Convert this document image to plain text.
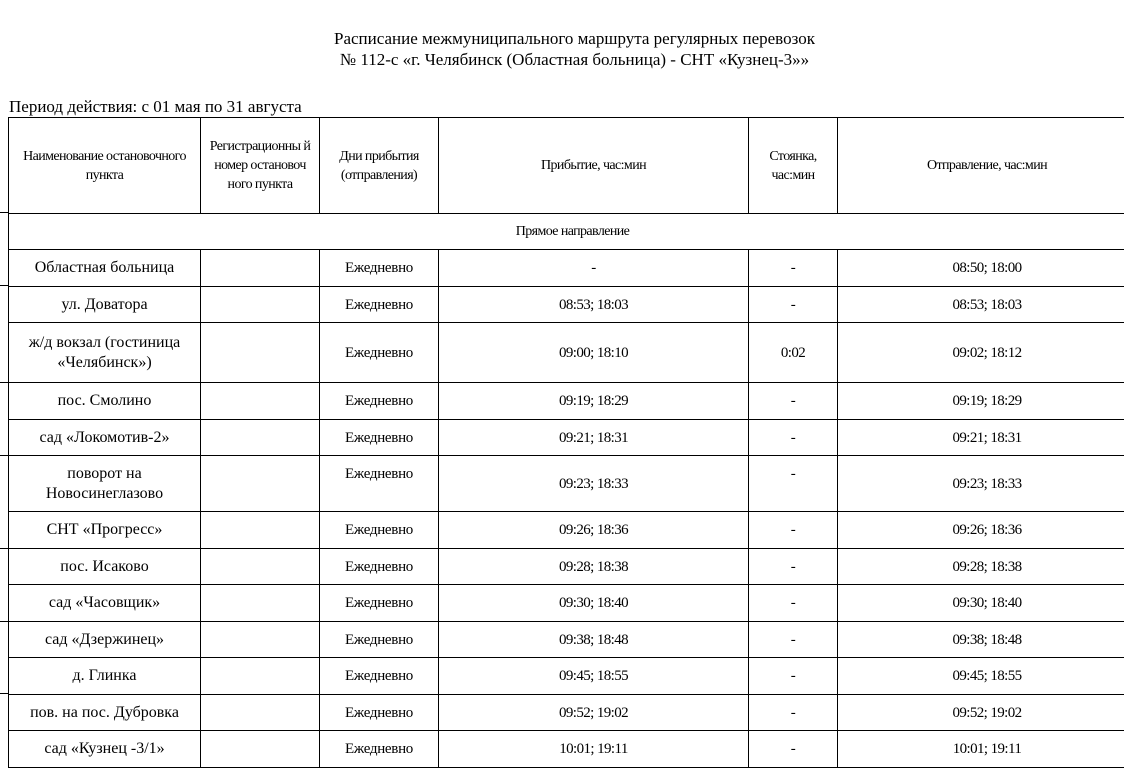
Расписание межмуниципального маршрута регулярных перевозок
№ 112-с «г. Челябинск (Областная больница) - СНТ «Кузнец-3»»
Период действия: с 01 мая по 31 августа
Наименование остановочного пункта	Регистрационны й номер остановоч ного пункта	Дни прибытия (отправления)	Прибытие, час:мин	Стоянка, час:мин	Отправление, час:мин
Прямое направление					
Областная больница		Ежедневно	-	-	08:50; 18:00
ул. Доватора		Ежедневно	08:53; 18:03	-	08:53; 18:03
ж/д вокзал (гостиница «Челябинск»)		Ежедневно	09:00; 18:10	0:02	09:02; 18:12
пос. Смолино		Ежедневно	09:19; 18:29	-	09:19; 18:29
сад «Локомотив-2»		Ежедневно	09:21; 18:31	-	09:21; 18:31
поворот на Новосинеглазово		Ежедневно	09:23; 18:33	-	09:23; 18:33
СНТ «Прогресс»		Ежедневно	09:26; 18:36	-	09:26; 18:36
пос. Исаково		Ежедневно	09:28; 18:38	-	09:28; 18:38
сад «Часовщик»		Ежедневно	09:30; 18:40	-	09:30; 18:40
сад «Дзержинец»		Ежедневно	09:38; 18:48	-	09:38; 18:48
д. Глинка		Ежедневно	09:45; 18:55	-	09:45; 18:55
пов. на пос. Дубровка		Ежедневно	09:52; 19:02	-	09:52; 19:02
сад «Кузнец -3/1»		Ежедневно	10:01; 19:11	-	10:01; 19:11
